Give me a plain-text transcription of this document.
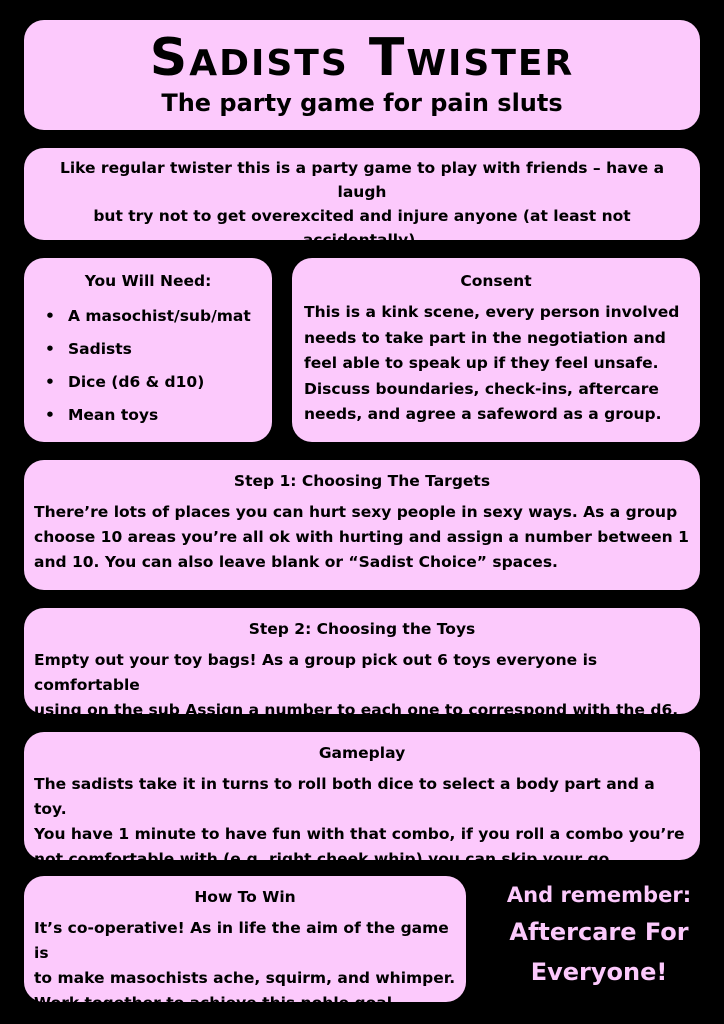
Sadists Twister
The party game for pain sluts

Like regular twister this is a party game to play with friends – have a laugh

but try not to get overexcited and injure anyone (at least not accidentally).

You Will Need:
• A masochist/sub/mat
• Sadists
• Dice (d6 & d10)
• Mean toys
Consent

This is a kink scene, every person involved

needs to take part in the negotiation and

feel able to speak up if they feel unsafe.

Discuss boundaries, check-ins, aftercare

needs, and agree a safeword as a group.

Step 1: Choosing The Targets

There’re lots of places you can hurt sexy people in sexy ways. As a group

choose 10 areas you’re all ok with hurting and assign a number between 1

and 10. You can also leave blank or “Sadist Choice” spaces.

Step 2: Choosing the Toys

Empty out your toy bags! As a group pick out 6 toys everyone is comfortable

using on the sub Assign a number to each one to correspond with the d6.

Gameplay

The sadists take it in turns to roll both dice to select a body part and a toy.

You have 1 minute to have fun with that combo, if you roll a combo you’re

not comfortable with (e.g. right cheek whip) you can skip your go.

How To Win

It’s co-operative! As in life the aim of the game is

to make masochists ache, squirm, and whimper.

Work together to achieve this noble goal.

And remember:
Aftercare For
Everyone!
